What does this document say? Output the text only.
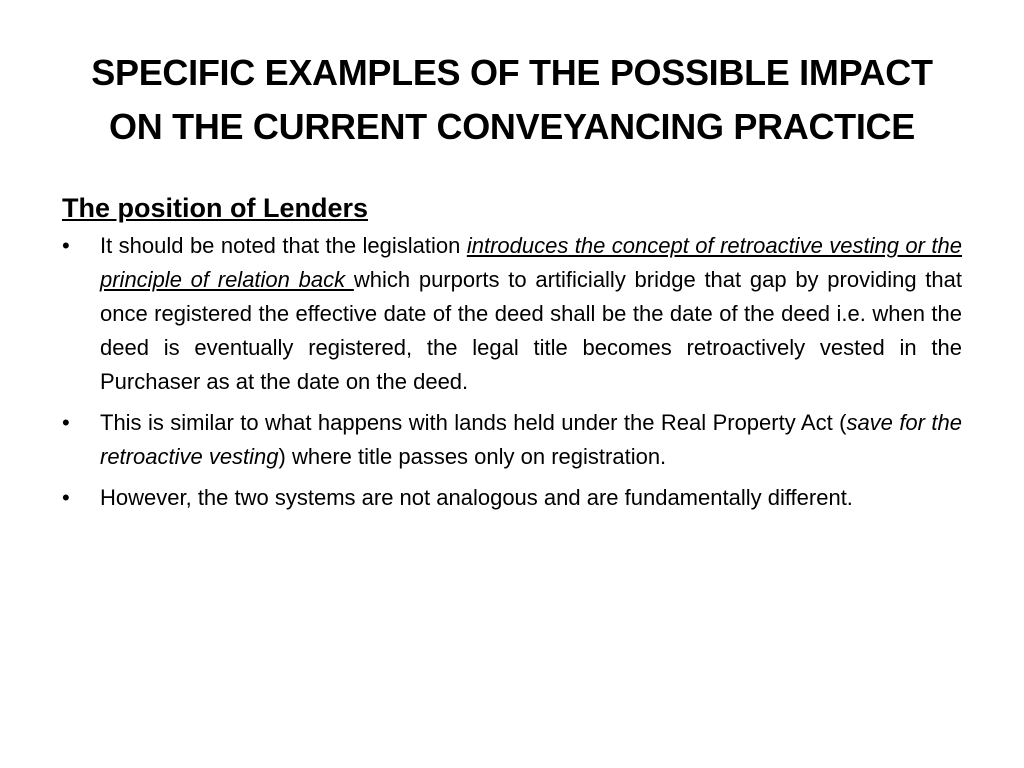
SPECIFIC EXAMPLES OF THE POSSIBLE IMPACT ON THE CURRENT CONVEYANCING PRACTICE
The position of Lenders
•	It should be noted that the legislation introduces the concept of retroactive vesting or the principle of relation back which purports to artificially bridge that gap by providing that once registered the effective date of the deed shall be the date of the deed i.e. when the deed is eventually registered, the legal title becomes retroactively vested in the Purchaser as at the date on the deed.
•	This is similar to what happens with lands held under the Real Property Act (save for the retroactive vesting) where title passes only on registration.
•	However, the two systems are not analogous and are fundamentally different.
